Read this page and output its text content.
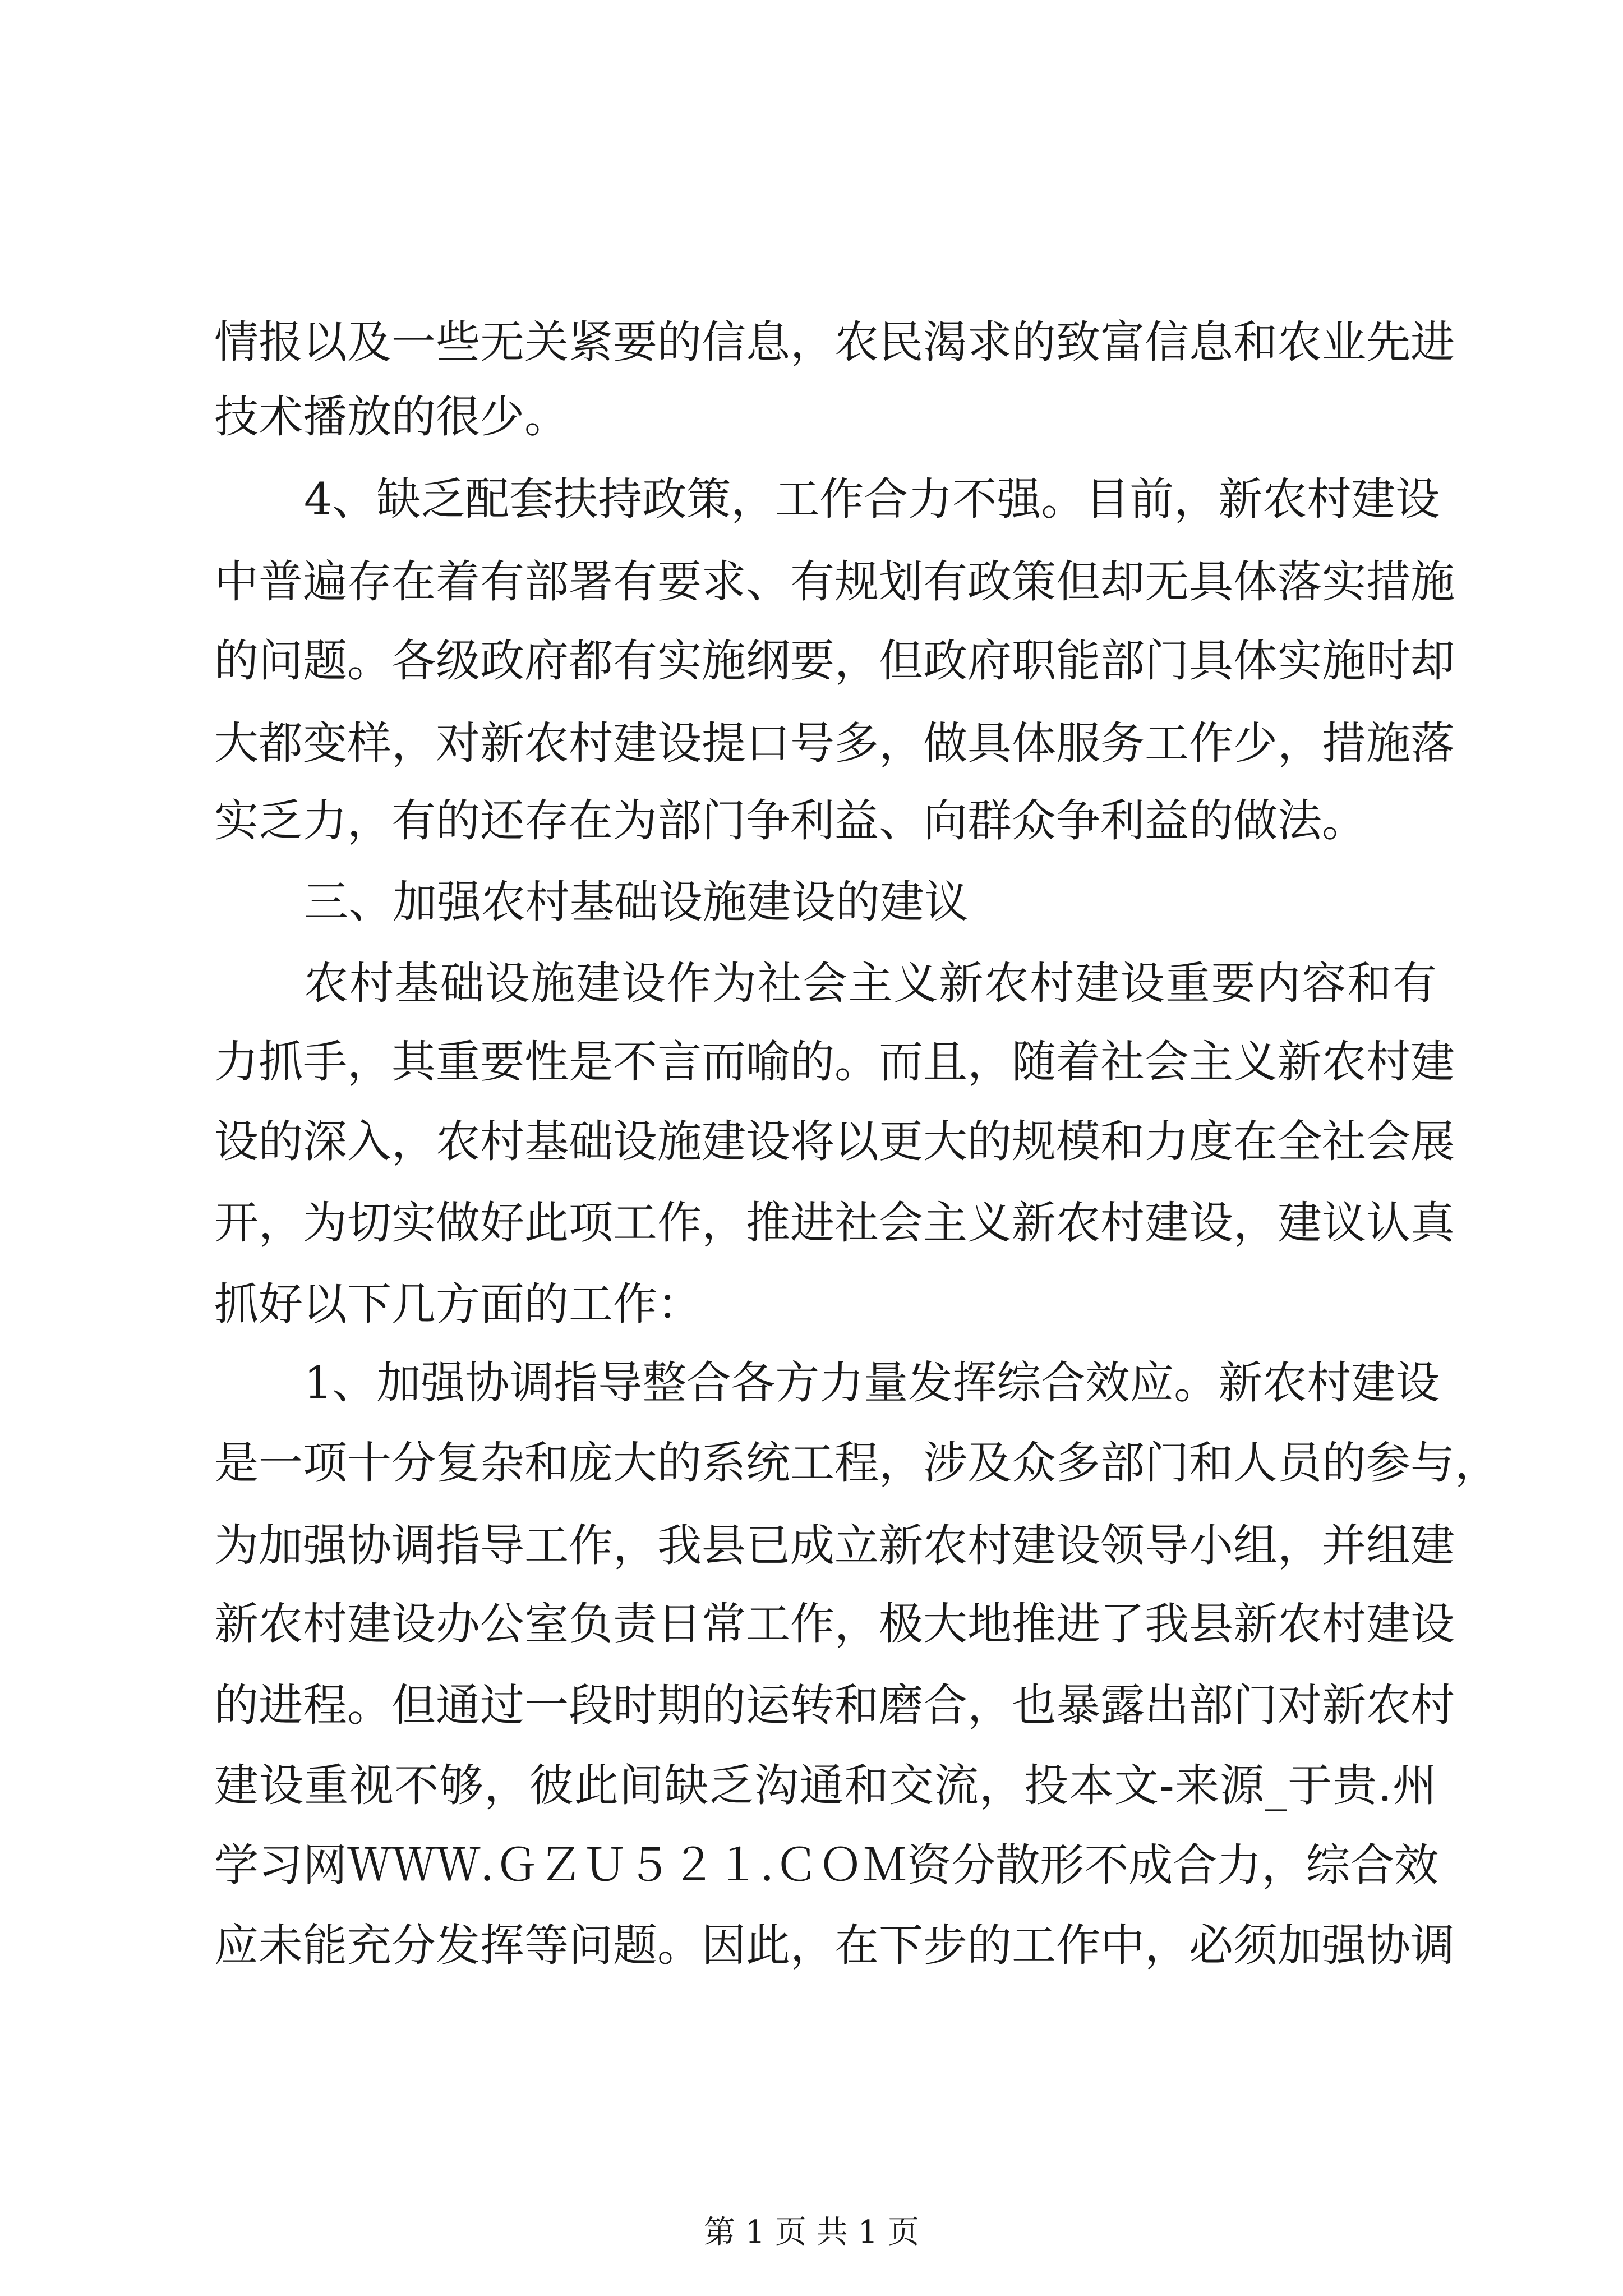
情报以及一些无关紧要的信息，农民渴求的致富信息和农业先进
技术播放的很少。
4、缺乏配套扶持政策，工作合力不强。目前，新农村建设
中普遍存在着有部署有要求、有规划有政策但却无具体落实措施
的问题。各级政府都有实施纲要，但政府职能部门具体实施时却
大都变样，对新农村建设提口号多，做具体服务工作少，措施落
实乏力，有的还存在为部门争利益、向群众争利益的做法。
三、加强农村基础设施建设的建议
农村基础设施建设作为社会主义新农村建设重要内容和有
力抓手，其重要性是不言而喻的。而且，随着社会主义新农村建
设的深入，农村基础设施建设将以更大的规模和力度在全社会展
开，为切实做好此项工作，推进社会主义新农村建设，建议认真
抓好以下几方面的工作：
1、加强协调指导整合各方力量发挥综合效应。新农村建设
是一项十分复杂和庞大的系统工程，涉及众多部门和人员的参与，
为加强协调指导工作，我县已成立新农村建设领导小组，并组建
新农村建设办公室负责日常工作，极大地推进了我县新农村建设
的进程。但通过一段时期的运转和磨合，也暴露出部门对新农村
建设重视不够，彼此间缺乏沟通和交流，投本文-来源_于贵.州
学习网ＷＷＷ.ＧＺＵ５２１.ＣＯＭ资分散形不成合力，综合效
应未能充分发挥等问题。因此，在下步的工作中，必须加强协调
第 1 页 共 1 页
